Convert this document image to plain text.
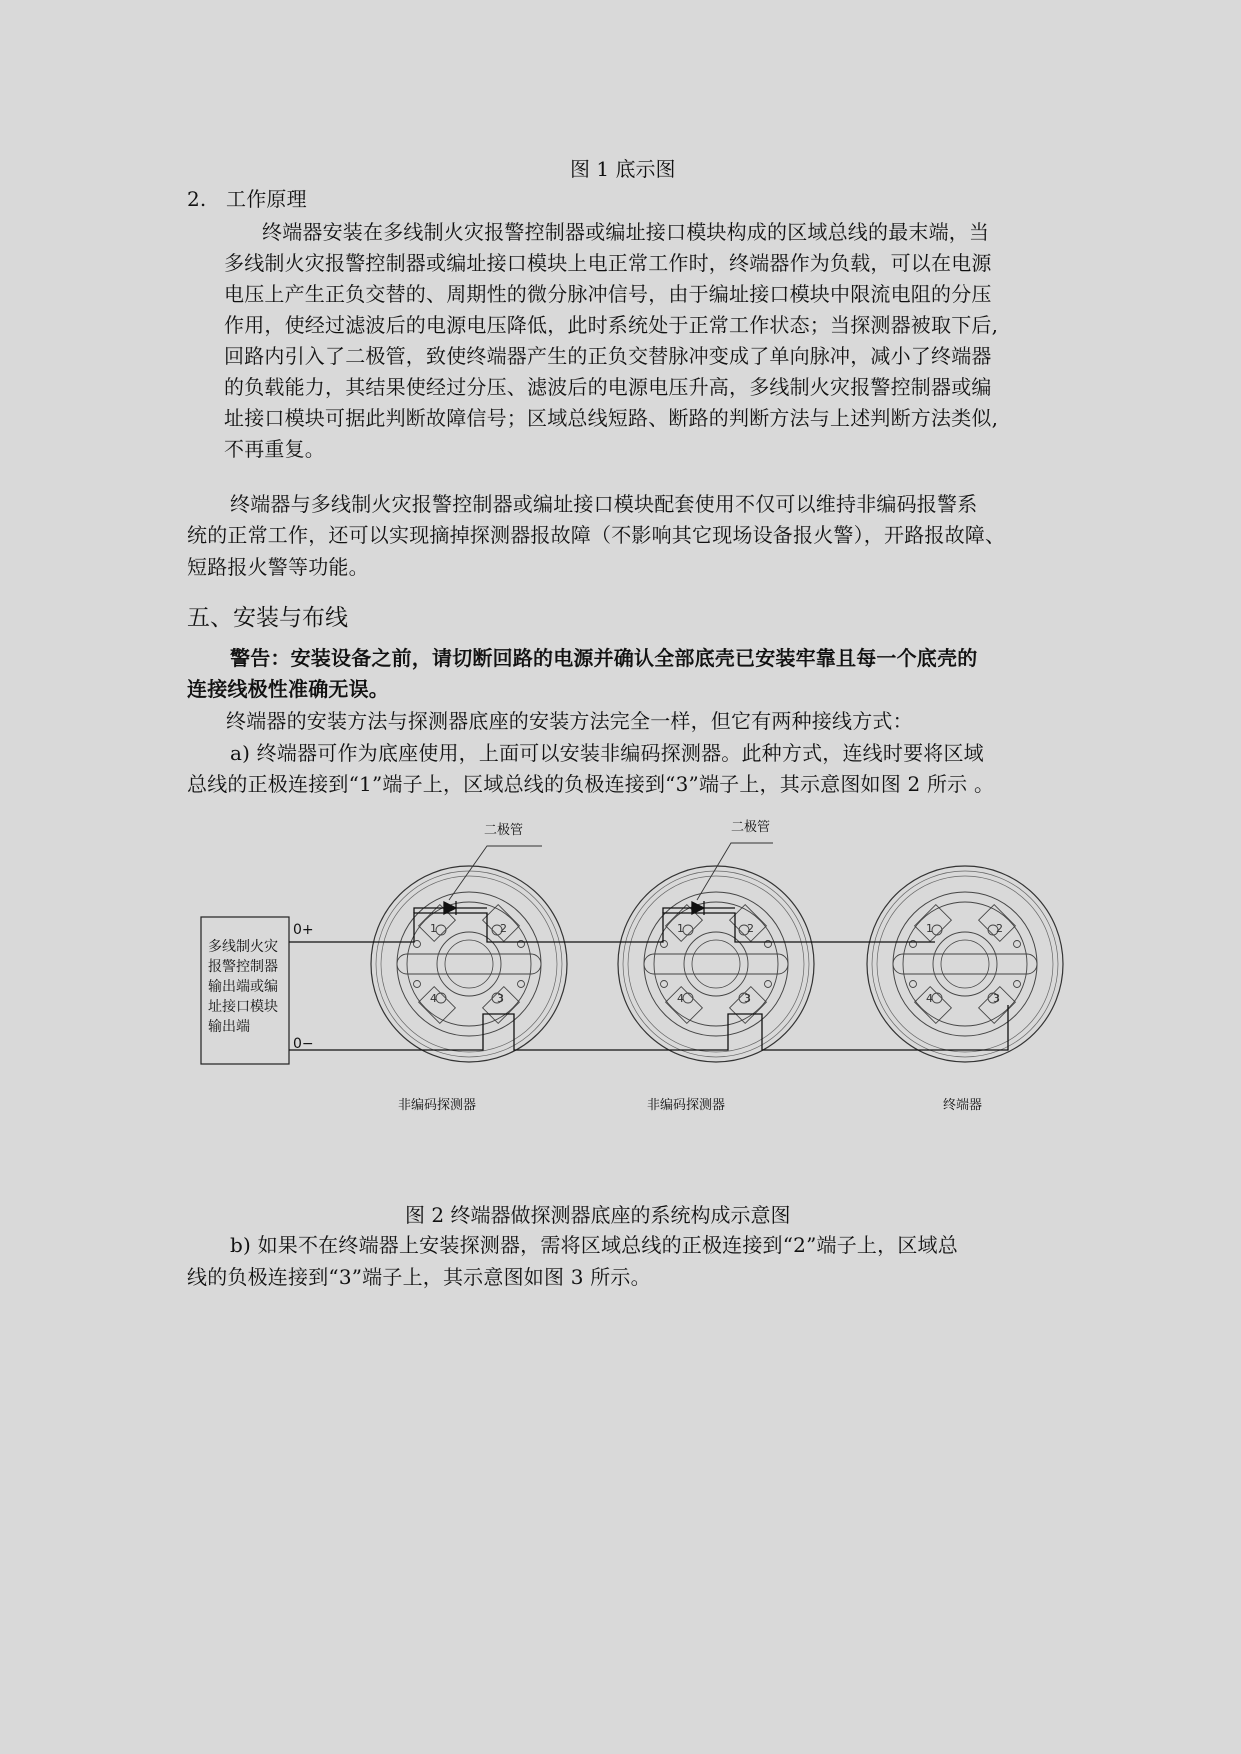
图 1 底示图
2. 工作原理
终端器安装在多线制火灾报警控制器或编址接口模块构成的区域总线的最末端，当
多线制火灾报警控制器或编址接口模块上电正常工作时，终端器作为负载，可以在电源
电压上产生正负交替的、周期性的微分脉冲信号，由于编址接口模块中限流电阻的分压
作用，使经过滤波后的电源电压降低，此时系统处于正常工作状态；当探测器被取下后,
回路内引入了二极管，致使终端器产生的正负交替脉冲变成了单向脉冲，减小了终端器
的负载能力，其结果使经过分压、滤波后的电源电压升高，多线制火灾报警控制器或编
址接口模块可据此判断故障信号；区域总线短路、断路的判断方法与上述判断方法类似,
不再重复。
终端器与多线制火灾报警控制器或编址接口模块配套使用不仅可以维持非编码报警系
统的正常工作，还可以实现摘掉探测器报故障（不影响其它现场设备报火警），开路报故障、
短路报火警等功能。
五、安装与布线
警告：安装设备之前，请切断回路的电源并确认全部底壳已安装牢靠且每一个底壳的
连接线极性准确无误。
终端器的安装方法与探测器底座的安装方法完全一样，但它有两种接线方式：
a) 终端器可作为底座使用，上面可以安装非编码探测器。此种方式，连线时要将区域
总线的正极连接到“1”端子上，区域总线的负极连接到“3”端子上，其示意图如图 2 所示 。
1	2
3
4
1	2
3
4
1	2
3
4
多线制火灾
报警控制器
输出端或编
址接口模块
输出端
0+
0−
二极管	二极管
非编码探测器	非编码探测器	终端器
图 2 终端器做探测器底座的系统构成示意图
b) 如果不在终端器上安装探测器，需将区域总线的正极连接到“2”端子上，区域总
线的负极连接到“3”端子上，其示意图如图 3 所示。
